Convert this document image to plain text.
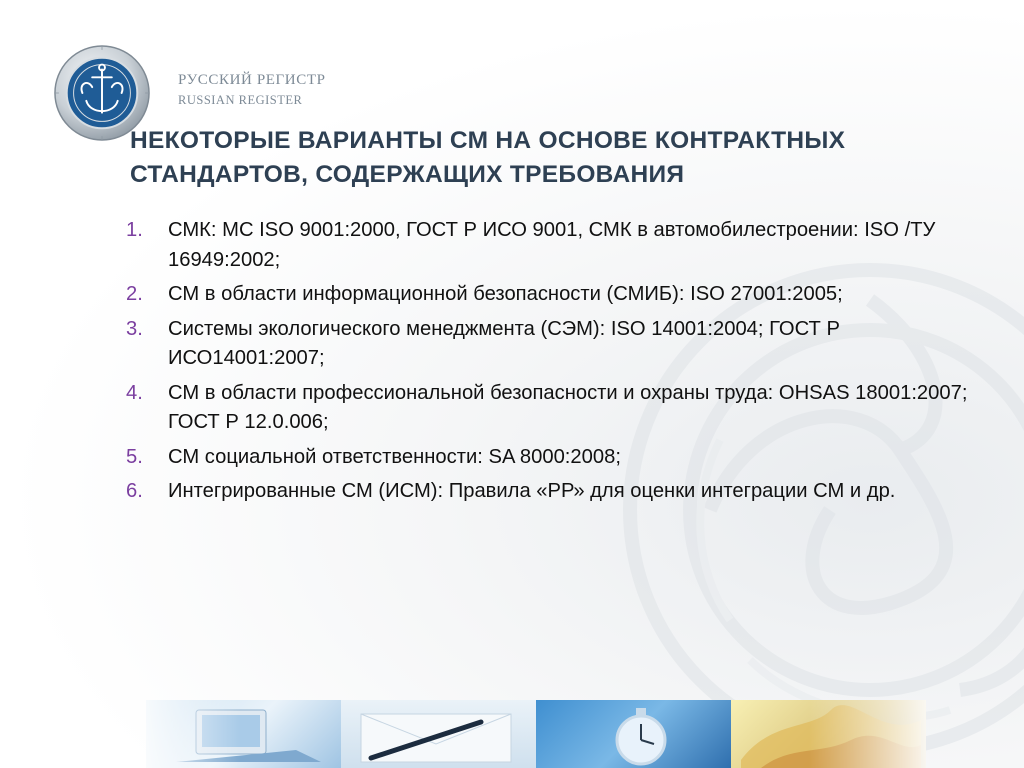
РУССКИЙ РЕГИСТР

RUSSIAN REGISTER

НЕКОТОРЫЕ ВАРИАНТЫ СМ НА ОСНОВЕ КОНТРАКТНЫХ
СТАНДАРТОВ, СОДЕРЖАЩИХ ТРЕБОВАНИЯ
1. СМК: МС ISO 9001:2000, ГОСТ Р ИСО 9001, СМК в автомобилестроении: ISO /ТУ 16949:2002;
2. СМ в области информационной безопасности (СМИБ): ISO 27001:2005;
3. Системы экологического менеджмента (СЭМ): ISO 14001:2004; ГОСТ Р ИСО14001:2007;
4. СМ в области профессиональной безопасности и охраны труда: OHSAS 18001:2007; ГОСТ Р 12.0.006;
5. СМ социальной ответственности: SA 8000:2008;
6. Интегрированные СМ (ИСМ): Правила «РР» для оценки интеграции СМ и др.
